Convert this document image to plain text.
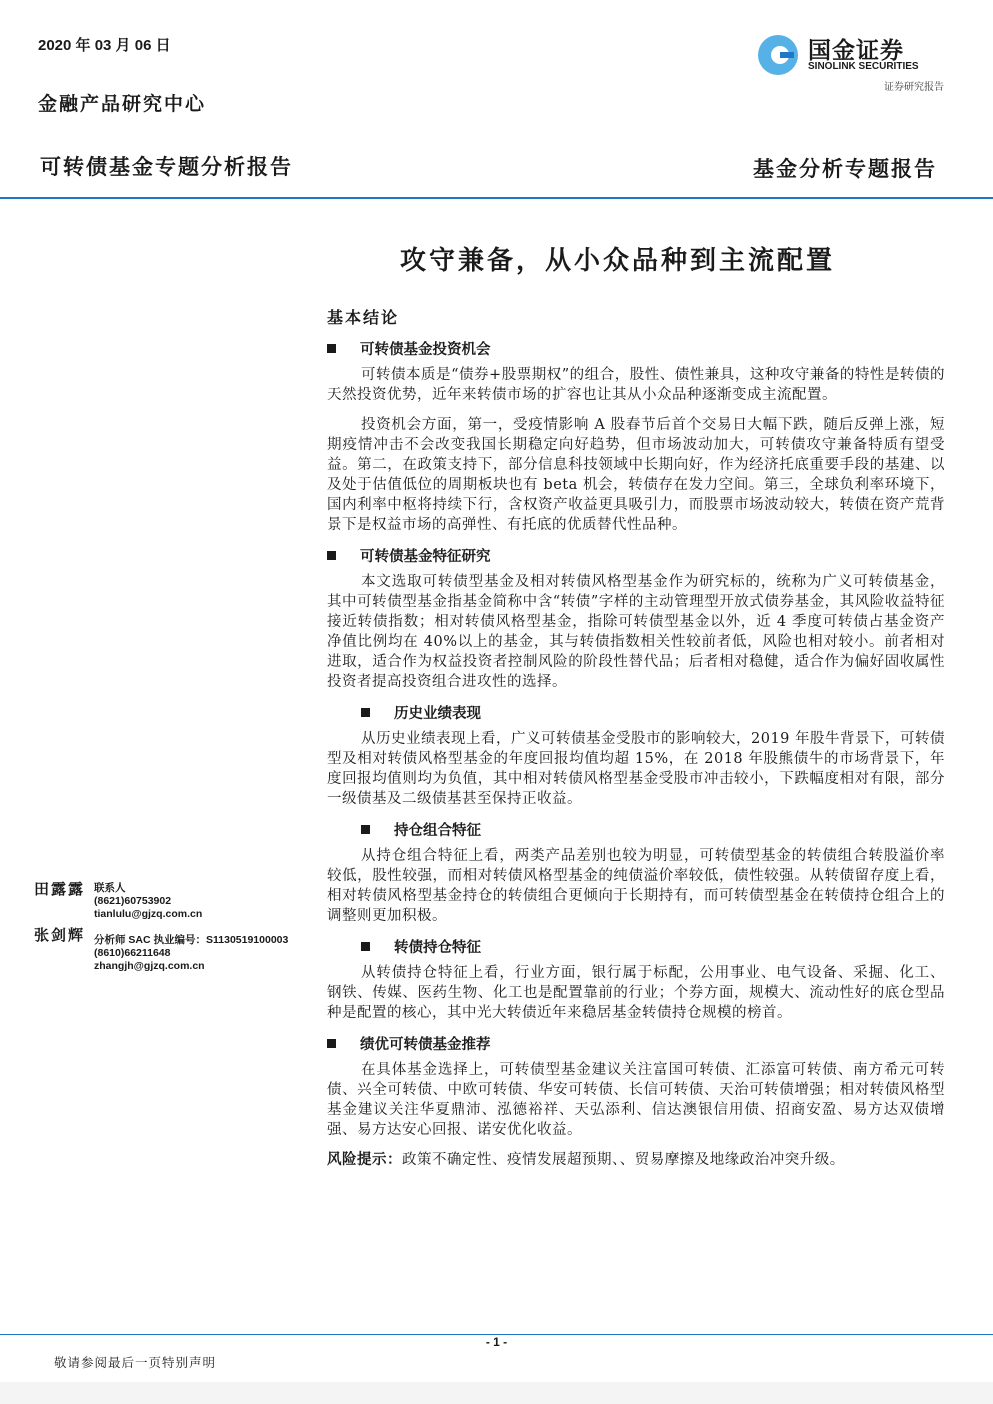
2020 年 03 月 06 日
金融产品研究中心
可转债基金专题分析报告	基金分析专题报告
国金证券
SINOLINK SECURITIES
证券研究报告
攻守兼备，从小众品种到主流配置
基本结论
可转债基金投资机会

可转债本质是“债券+股票期权”的组合，股性、债性兼具，这种攻守兼备的特性是转债的天然投资优势，近年来转债市场的扩容也让其从小众品种逐渐变成主流配置。

投资机会方面，第一，受疫情影响 A 股春节后首个交易日大幅下跌，随后反弹上涨，短期疫情冲击不会改变我国长期稳定向好趋势，但市场波动加大，可转债攻守兼备特质有望受益。第二，在政策支持下，部分信息科技领域中长期向好，作为经济托底重要手段的基建、以及处于估值低位的周期板块也有 beta 机会，转债存在发力空间。第三，全球负利率环境下，国内利率中枢将持续下行，含权资产收益更具吸引力，而股票市场波动较大，转债在资产荒背景下是权益市场的高弹性、有托底的优质替代性品种。

可转债基金特征研究

本文选取可转债型基金及相对转债风格型基金作为研究标的，统称为广义可转债基金，其中可转债型基金指基金简称中含“转债”字样的主动管理型开放式债券基金，其风险收益特征接近转债指数；相对转债风格型基金，指除可转债型基金以外，近 4 季度可转债占基金资产净值比例均在 40%以上的基金，其与转债指数相关性较前者低，风险也相对较小。前者相对进取，适合作为权益投资者控制风险的阶段性替代品；后者相对稳健，适合作为偏好固收属性投资者提高投资组合进攻性的选择。

历史业绩表现

从历史业绩表现上看，广义可转债基金受股市的影响较大，2019 年股牛背景下，可转债型及相对转债风格型基金的年度回报均值均超 15%，在 2018 年股熊债牛的市场背景下，年度回报均值则均为负值，其中相对转债风格型基金受股市冲击较小，下跌幅度相对有限，部分一级债基及二级债基甚至保持正收益。

持仓组合特征

从持仓组合特征上看，两类产品差别也较为明显，可转债型基金的转债组合转股溢价率较低，股性较强，而相对转债风格型基金的纯债溢价率较低，债性较强。从转债留存度上看，相对转债风格型基金持仓的转债组合更倾向于长期持有，而可转债型基金在转债持仓组合上的调整则更加积极。

转债持仓特征

从转债持仓特征上看，行业方面，银行属于标配，公用事业、电气设备、采掘、化工、钢铁、传媒、医药生物、化工也是配置靠前的行业；个券方面，规模大、流动性好的底仓型品种是配置的核心，其中光大转债近年来稳居基金转债持仓规模的榜首。

绩优可转债基金推荐

在具体基金选择上，可转债型基金建议关注富国可转债、汇添富可转债、南方希元可转债、兴全可转债、中欧可转债、华安可转债、长信可转债、天治可转债增强；相对转债风格型基金建议关注华夏鼎沛、泓德裕祥、天弘添利、信达澳银信用债、招商安盈、易方达双债增强、易方达安心回报、诺安优化收益。

风险提示：政策不确定性、疫情发展超预期、、贸易摩擦及地缘政治冲突升级。

田露露 联系人
(8621)60753902
tianlulu@gjzq.com.cn
张剑辉 分析师 SAC 执业编号：S1130519100003
(8610)66211648
zhangjh@gjzq.com.cn
- 1 -
敬请参阅最后一页特别声明
